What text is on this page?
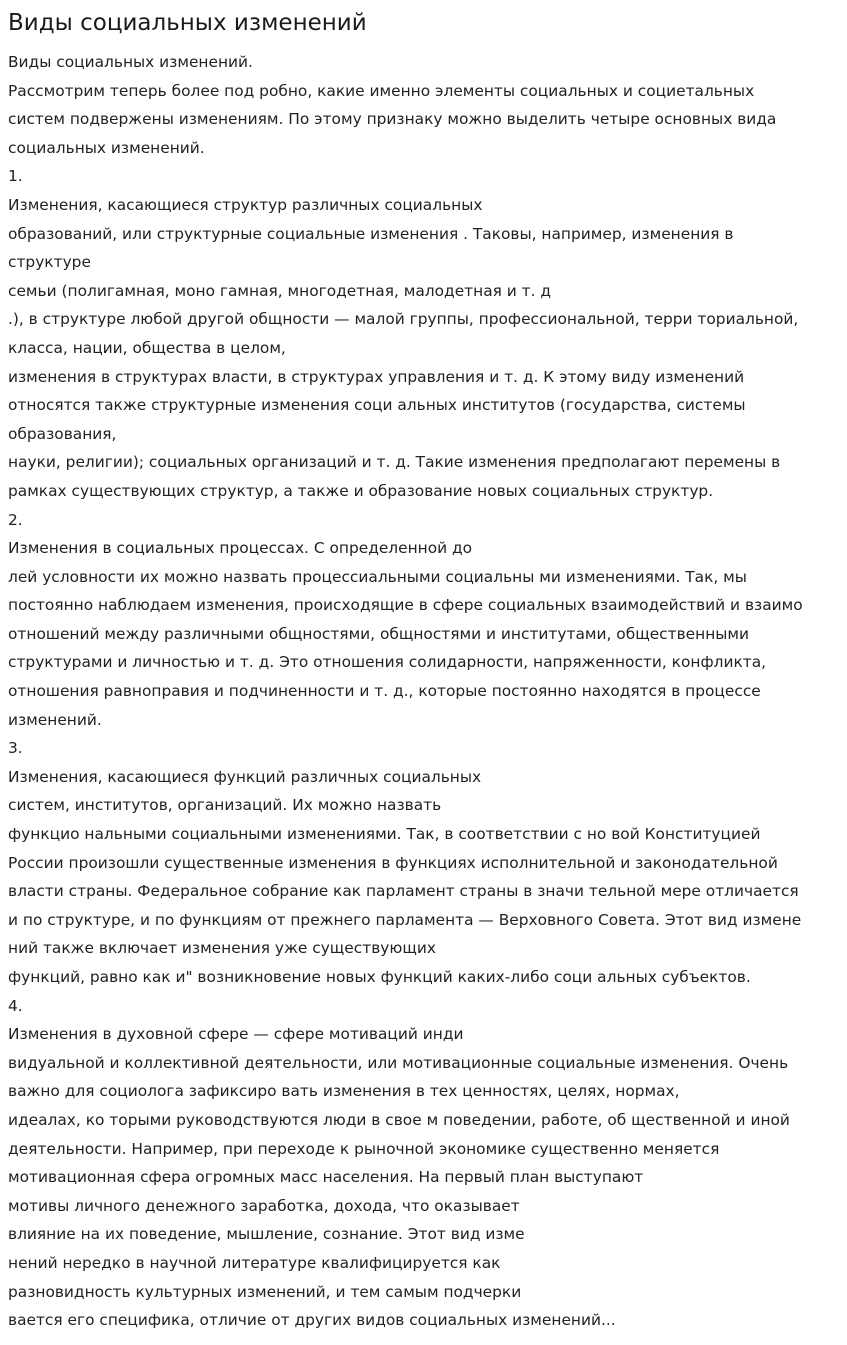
Виды социальных изменений

Виды социальных изменений.

Рассмотрим теперь более под робно, какие именно элементы социальных и социетальных

систем подвержены изменениям. По этому признаку можно выделить четыре основных вида

социальных изменений.

1.

Изменения, касающиеся структур различных социальных

образований, или структурные социальные изменения . Таковы, например, изменения в

структуре

семьи (полигамная, моно гамная, многодетная, малодетная и т. д

.), в структуре любой другой общности — малой группы, профессиональной, терри ториальной,

класса, нации, общества в целом,

изменения в структурах власти, в структурах управления и т. д. К этому виду изменений

относятся также структурные изменения соци альных институтов (государства, системы

образования,

науки, религии); социальных организаций и т. д. Такие изменения предполагают перемены в

рамках существующих структур, а также и образование новых социальных структур.

2.

Изменения в социальных процессах. С определенной до

лей условности их можно назвать процессиальными социальны ми изменениями. Так, мы

постоянно наблюдаем изменения, происходящие в сфере социальных взаимодействий и взаимо

отношений между различными общностями, общностями и институтами, общественными

структурами и личностью и т. д. Это отношения солидарности, напряженности, конфликта,

отношения равноправия и подчиненности и т. д., которые постоянно находятся в процессе

изменений.

3.

Изменения, касающиеся функций различных социальных

систем, институтов, организаций. Их можно назвать

функцио нальными социальными изменениями. Так, в соответствии с но вой Конституцией

России произошли существенные изменения в функциях исполнительной и законодательной

власти страны. Федеральное собрание как парламент страны в значи тельной мере отличается

и по структуре, и по функциям от прежнего парламента — Верховного Совета. Этот вид измене

ний также включает изменения уже существующих

функций, равно как и" возникновение новых функций каких-либо соци альных субъектов.

4.

Изменения в духовной сфере — сфере мотиваций инди

видуальной и коллективной деятельности, или мотивационные социальные изменения. Очень

важно для социолога зафиксиро вать изменения в тех ценностях, целях, нормах,

идеалах, ко торыми руководствуются люди в свое м поведении, работе, об щественной и иной

деятельности. Например, при переходе к рыночной экономике существенно меняется

мотивационная сфера огромных масс населения. На первый план выступают

мотивы личного денежного заработка, дохода, что оказывает

влияние на их поведение, мышление, сознание. Этот вид изме

нений нередко в научной литературе квалифицируется как

разновидность культурных изменений, и тем самым подчерки

вается его специфика, отличие от других видов социальных изменений...
